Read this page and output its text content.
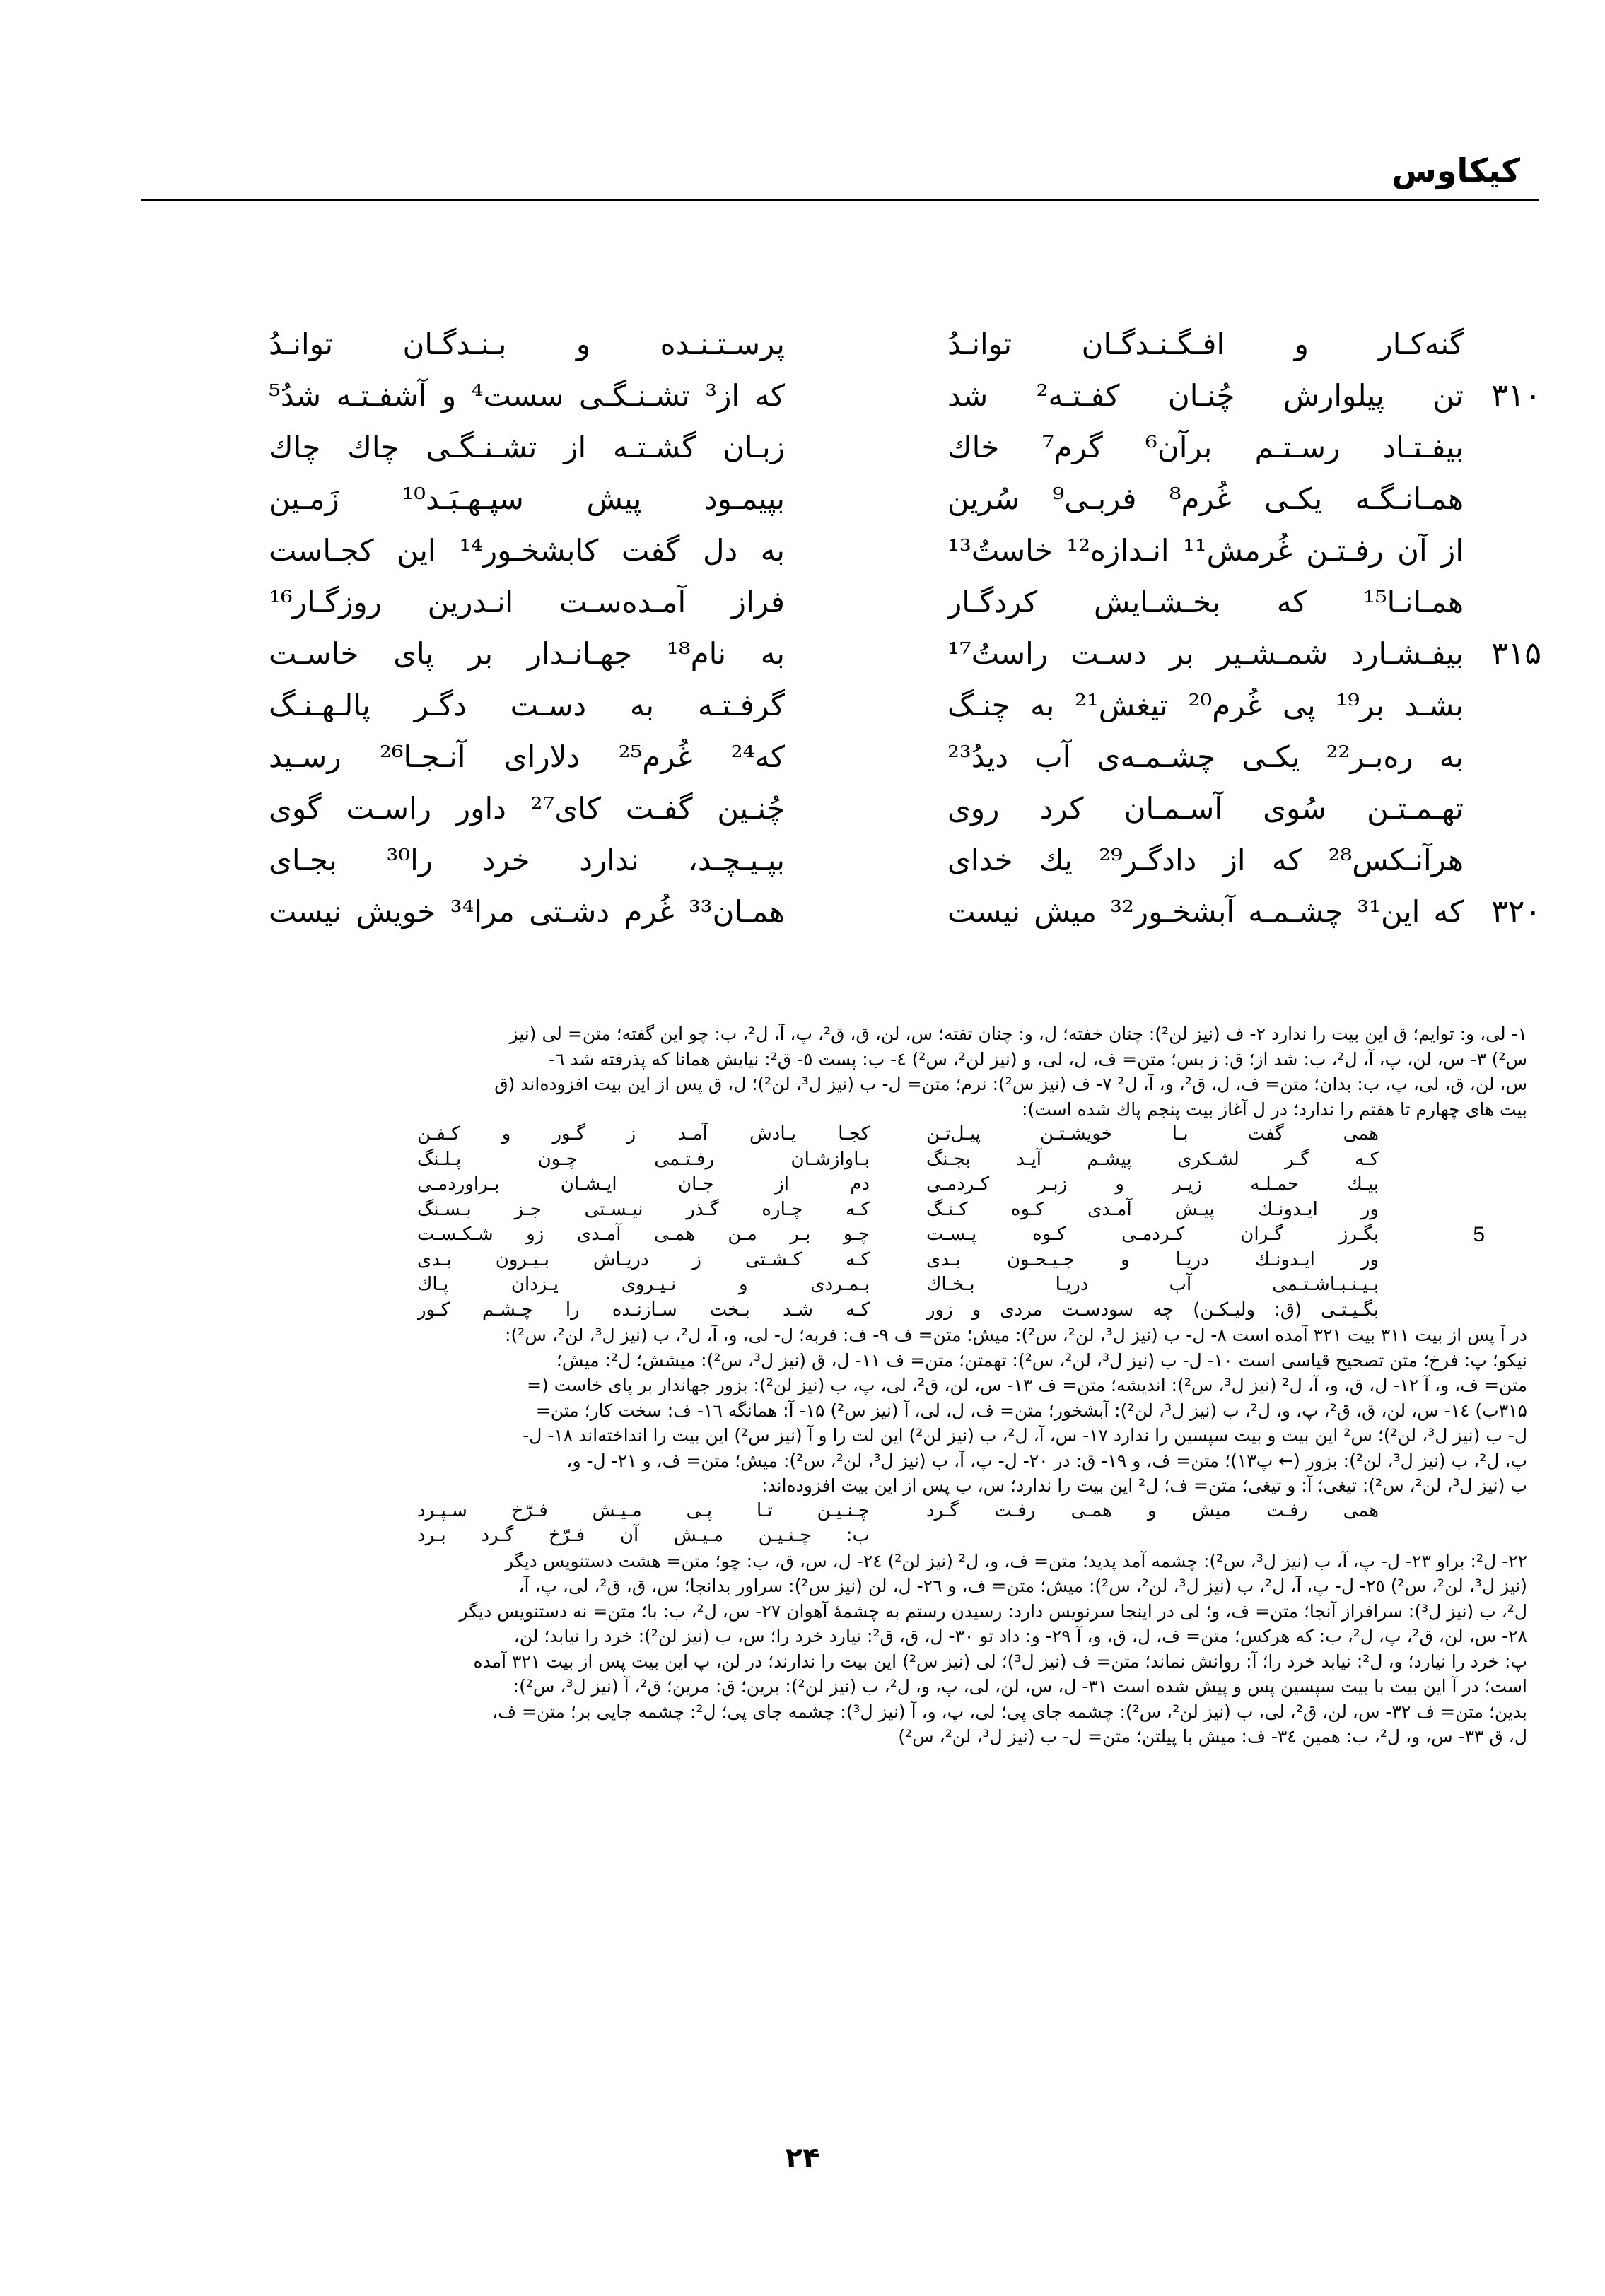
کیکاوس
گنه‌کـار و افـگـنـدگـان توانـدُ
پرسـتـنـده و بـنـدگـان توانـدُ
۳۱۰
تن پیلوارش چُنـان کفـتـه² شد
که از³ تشـنـگـی سست⁴ و آشفـتـه شدُ⁵
بیفـتـاد رسـتـم برآن⁶ گرم⁷ خاك
زبـان گشـتـه از تشـنـگـی چاك چاك
همـانـگـه یکـی غُرم⁸ فربـی⁹ سُرین
بپیمـود پیش سپـهـبَـد¹⁰ زَمـین
از آن رفـتـن غُرمش¹¹ انـدازه¹² خاستُ¹³
به دل گفت کابشخـور¹⁴ این کجـاست
همـانـا¹⁵ که بخـشـایش کردگـار
فراز آمـده‌سـت انـدرین روزگـار¹⁶
۳۱۵
بیفـشـارد شمـشـیر بر دسـت راستُ¹⁷
به نام¹⁸ جهـانـدار بر پای خاسـت
بشـد بر¹⁹ پی غُرم²⁰ تیغش²¹ به چنـگ
گرفـتـه به دسـت دگـر پالـهـنـگ
به ره‌بـر²² یکـی چشـمـه‌ی آب دیدُ²³
که²⁴ غُرم²⁵ دلارای آنـجـا²⁶ رسـید
تهـمـتـن سُوی آسـمـان کرد روی
چُنـین گفـت کای²⁷ داور راسـت گوی
هرآنـکس²⁸ که از دادگـر²⁹ یك خدای
بپـیـچـد، ندارد خرد را³⁰ بجـای
۳۲۰
که این³¹ چشـمـه آبشخـور³² میش نیست
همـان³³ غُرم دشـتی مرا³⁴ خویش نیست

۱- لی، و: توایم؛ ق این بیت را ندارد ۲- ف (نیز لن²): چنان خفته؛ ل، و: چنان تفته؛ س، لن، ق، ق²، پ، آ، ل²، ب: چو این گفته؛ متن= لی (نیز

س²) ۳- س، لن، پ، آ، ل²، ب: شد از؛ ق: ز بس؛ متن= ف، ل، لی، و (نیز لن²، س²) ٤- ب: پست ٥- ق²: نیایش همانا که پذرفته شد ٦-

س، لن، ق، لی، پ، ب: بدان؛ متن= ف، ل، ق²، و، آ، ل² ۷- ف (نیز س²): نرم؛ متن= ل- ب (نیز ل³، لن²)؛ ل، ق پس از این بیت افزوده‌اند (ق

بیت های چهارم تا هفتم را ندارد؛ در ل آغاز بیت پنجم پاك شده است):

همی گفت بـا خویشـتـن پیـل‌تـن
کجـا یـادش آمـد ز گـور و کـفـن
کـه گـر لشـکری پیشـم آیـد بجـنگ
بـاوازشـان رفـتـمی چـون پـلـنگ
بیـك حمـلـه زیـر و زبـر کـردمـی
دم از جـان ایـشـان بـراوردمـی
ور ایـدونـك پیـش آمـدی کـوه کـنـگ
کـه چـاره گـذر نیـسـتی جـز بـسـنگ
5
بگـرز گـران کـردمـی کـوه پـسـت
چـو بـر مـن همـی آمـدی زو شـکـسـت
ور ایـدونـك دریـا و جـیـحـون بـدی
کـه کـشـتی ز دریـاش بـیـرون بـدی
بـیـنـبـاشـتـمی آب دریـا بـخـاك
بـمـردی و نـیـروی یـزدان پـاك
بگـیـتـی (ق: ولیـکـن) چه سودسـت مردی و زور
کـه شـد بـخت سـازنـده را چـشـم کـور

در آ پس از بیت ۳۱۱ بیت ۳۲۱ آمده است ۸- ل- ب (نیز ل³، لن²، س²): میش؛ متن= ف ۹- ف: فربه؛ ل- لی، و، آ، ل²، ب (نیز ل³، لن²، س²):

نیکو؛ پ: فرخ؛ متن تصحیح قیاسی است ۱۰- ل- ب (نیز ل³، لن²، س²): تهمتن؛ متن= ف ۱۱- ل، ق (نیز ل³، س²): میشش؛ ل²: میش؛

متن= ف، و، آ ۱۲- ل، ق، و، آ، ل² (نیز ل³، س²): اندیشه؛ متن= ف ۱۳- س، لن، ق²، لی، پ، ب (نیز لن²): بزور جهاندار بر پای خاست (=

۳۱۵ب) ١٤- س، لن، ق، ق²، پ، و، ل²، ب (نیز ل³، لن²): آبشخور؛ متن= ف، ل، لی، آ (نیز س²) ۱۵- آ: همانگه ١٦- ف: سخت کار؛ متن=

ل- ب (نیز ل³، لن²)؛ س² این بیت و بیت سپسین را ندارد ۱۷- س، آ، ل²، ب (نیز لن²) این لت را و آ (نیز س²) این بیت را انداخته‌اند ۱۸- ل-

پ، ل²، ب (نیز ل³، لن²): بزور (← پ۱۳)؛ متن= ف، و ۱۹- ق: در ۲۰- ل- پ، آ، ب (نیز ل³، لن²، س²): میش؛ متن= ف، و ۲۱- ل- و،

ب (نیز ل³، لن²، س²): تیغی؛ آ: و تیغی؛ متن= ف؛ ل² این بیت را ندارد؛ س، ب پس از این بیت افزوده‌اند:

همی رفـت میش و همـی رفـت گـرد
چـنـیـن تـا پـی مـیـش فـرّخ سـپـرد
ب: چـنـیـن مـیـش آن فـرّخ گـرد بـرد

۲۲- ل²: براو ۲۳- ل- پ، آ، ب (نیز ل³، س²): چشمه آمد پدید؛ متن= ف، و، ل² (نیز لن²) ٢٤- ل، س، ق، ب: چو؛ متن= هشت دستنویس دیگر

(نیز ل³، لن²، س²) ۲٥- ل- پ، آ، ل²، ب (نیز ل³، لن²، س²): میش؛ متن= ف، و ٢٦- ل، لن (نیز س²): سراور بدانجا؛ س، ق، ق²، لی، پ، آ،

ل²، ب (نیز ل³): سرافراز آنجا؛ متن= ف، و؛ لی در اینجا سرنویس دارد: رسیدن رستم به چشمهٔ آهوان ۲۷- س، ل²، ب: با؛ متن= نه دستنویس دیگر

۲۸- س، لن، ق²، پ، ل²، ب: که هرکس؛ متن= ف، ل، ق، و، آ ۲۹- و: داد تو ۳۰- ل، ق، ق²: نیارد خرد را؛ س، ب (نیز لن²): خرد را نیابد؛ لن،

پ: خرد را نیارد؛ و، ل²: نیابد خرد را؛ آ: روانش نماند؛ متن= ف (نیز ل³)؛ لی (نیز س²) این بیت را ندارند؛ در لن، پ این بیت پس از بیت ۳۲۱ آمده

است؛ در آ این بیت با بیت سپسین پس و پیش شده است ۳۱- ل، س، لن، لی، پ، و، ل²، ب (نیز لن²): برین؛ ق: مرین؛ ق²، آ (نیز ل³، س²):

بدین؛ متن= ف ۳۲- س، لن، ق²، لی، ب (نیز لن²، س²): چشمه جای پی؛ لی، پ، و، آ (نیز ل³): چشمه جای پی؛ ل²: چشمه جایی بر؛ متن= ف،

ل، ق ۳۳- س، و، ل²، ب: همین ٣٤- ف: میش با پیلتن؛ متن= ل- ب (نیز ل³، لن²، س²)

۲۴
